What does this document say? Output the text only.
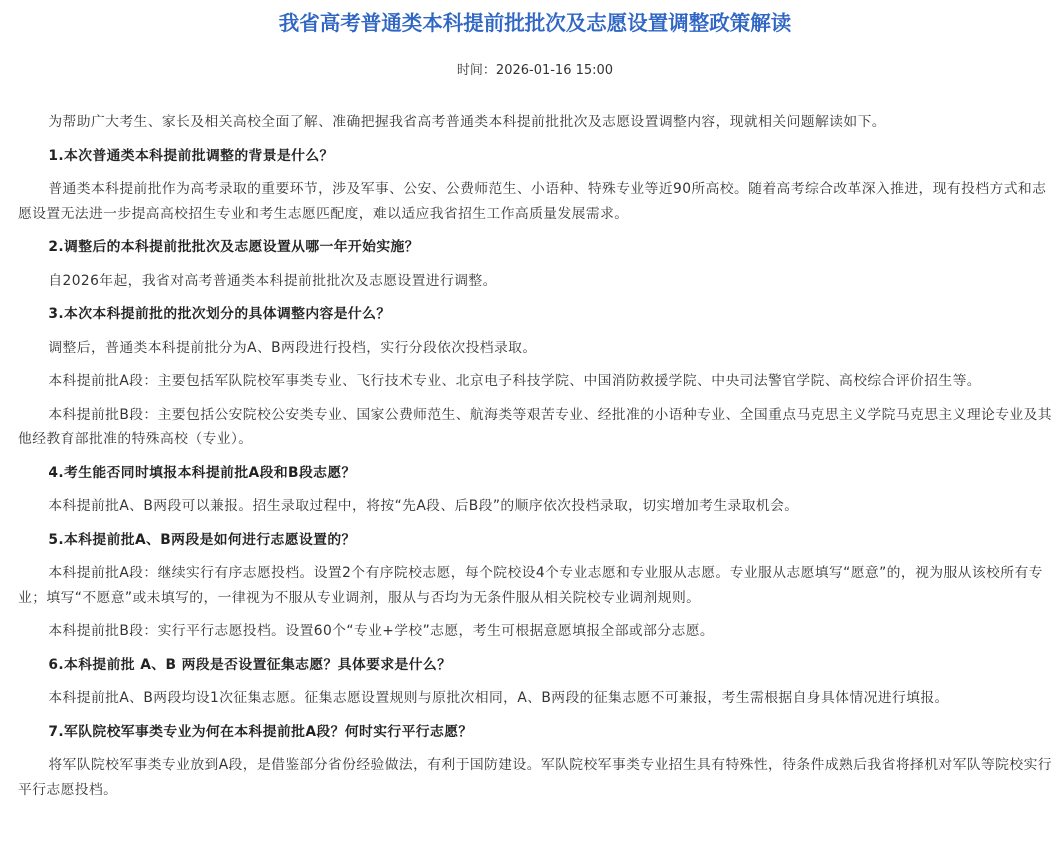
我省高考普通类本科提前批批次及志愿设置调整政策解读
时间：2026-01-16 15:00

为帮助广大考生、家长及相关高校全面了解、准确把握我省高考普通类本科提前批批次及志愿设置调整内容，现就相关问题解读如下。

1.本次普通类本科提前批调整的背景是什么？

普通类本科提前批作为高考录取的重要环节，涉及军事、公安、公费师范生、小语种、特殊专业等近90所高校。随着高考综合改革深入推进，现有投档方式和志愿设置无法进一步提高高校招生专业和考生志愿匹配度，难以适应我省招生工作高质量发展需求。

2.调整后的本科提前批批次及志愿设置从哪一年开始实施？

自2026年起，我省对高考普通类本科提前批批次及志愿设置进行调整。

3.本次本科提前批的批次划分的具体调整内容是什么？

调整后，普通类本科提前批分为A、B两段进行投档，实行分段依次投档录取。

本科提前批A段：主要包括军队院校军事类专业、飞行技术专业、北京电子科技学院、中国消防救援学院、中央司法警官学院、高校综合评价招生等。

本科提前批B段：主要包括公安院校公安类专业、国家公费师范生、航海类等艰苦专业、经批准的小语种专业、全国重点马克思主义学院马克思主义理论专业及其他经教育部批准的特殊高校（专业）。

4.考生能否同时填报本科提前批A段和B段志愿？

本科提前批A、B两段可以兼报。招生录取过程中，将按“先A段、后B段”的顺序依次投档录取，切实增加考生录取机会。

5.本科提前批A、B两段是如何进行志愿设置的？

本科提前批A段：继续实行有序志愿投档。设置2个有序院校志愿，每个院校设4个专业志愿和专业服从志愿。专业服从志愿填写“愿意”的，视为服从该校所有专业；填写“不愿意”或未填写的，一律视为不服从专业调剂，服从与否均为无条件服从相关院校专业调剂规则。

本科提前批B段：实行平行志愿投档。设置60个“专业+学校”志愿，考生可根据意愿填报全部或部分志愿。

6.本科提前批 A、B 两段是否设置征集志愿？具体要求是什么？

本科提前批A、B两段均设1次征集志愿。征集志愿设置规则与原批次相同，A、B两段的征集志愿不可兼报，考生需根据自身具体情况进行填报。

7.军队院校军事类专业为何在本科提前批A段？何时实行平行志愿？

将军队院校军事类专业放到A段，是借鉴部分省份经验做法，有利于国防建设。军队院校军事类专业招生具有特殊性，待条件成熟后我省将择机对军队等院校实行平行志愿投档。
